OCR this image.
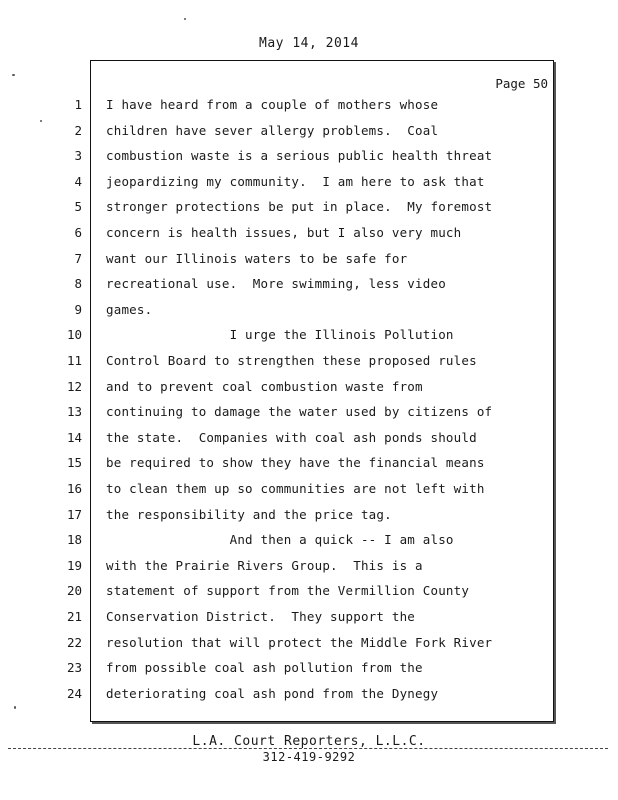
May 14, 2014
Page 50
1 I have heard from a couple of mothers whose
2 children have sever allergy problems.  Coal
3 combustion waste is a serious public health threat
4 jeopardizing my community.  I am here to ask that
5 stronger protections be put in place.  My foremost
6 concern is health issues, but I also very much
7 want our Illinois waters to be safe for
8 recreational use.  More swimming, less video
9 games.
10 I urge the Illinois Pollution
11 Control Board to strengthen these proposed rules
12 and to prevent coal combustion waste from
13 continuing to damage the water used by citizens of
14 the state.  Companies with coal ash ponds should
15 be required to show they have the financial means
16 to clean them up so communities are not left with
17 the responsibility and the price tag.
18 And then a quick -- I am also
19 with the Prairie Rivers Group.  This is a
20 statement of support from the Vermillion County
21 Conservation District.  They support the
22 resolution that will protect the Middle Fork River
23 from possible coal ash pollution from the
24 deteriorating coal ash pond from the Dynegy
L.A. Court Reporters, L.L.C.
312-419-9292
